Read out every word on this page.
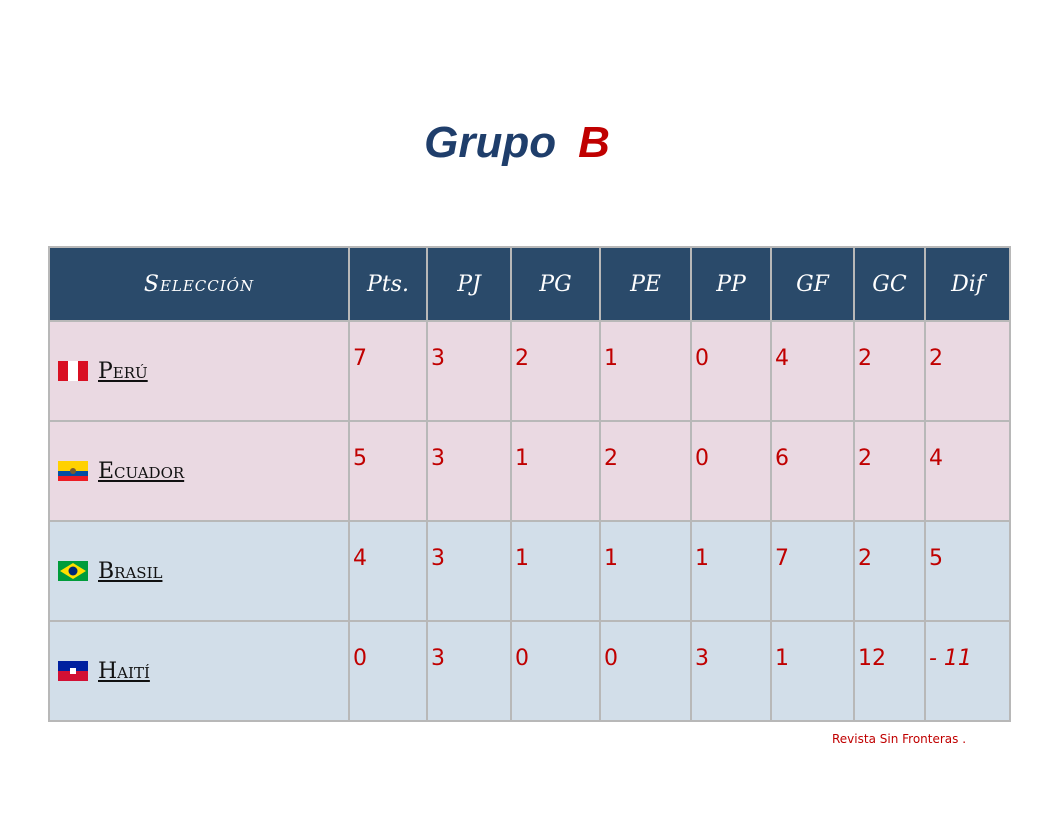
Grupo B
Selección	Pts.	PJ	PG	PE	PP	GF	GC	Dif
Perú	7	3	2	1	0	4	2	2
Ecuador	5	3	1	2	0	6	2	4
Brasil	4	3	1	1	1	7	2	5
Haití	0	3	0	0	3	1	12	- 11
Revista Sin Fronteras .
